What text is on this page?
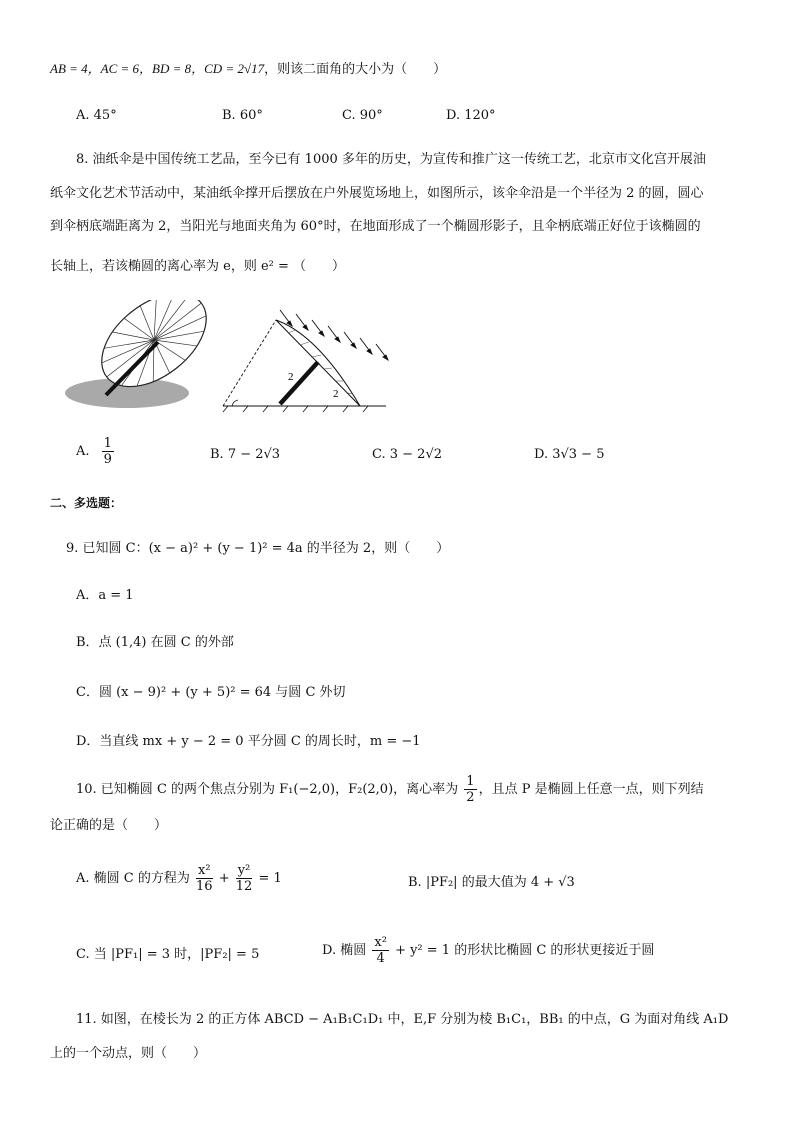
AB = 4，AC = 6，BD = 8，CD = 2√17，则该二面角的大小为（　　）
A. 45°	B. 60°	C. 90°	D. 120°
8. 油纸伞是中国传统工艺品，至今已有 1000 多年的历史，为宣传和推广这一传统工艺，北京市文化宫开展油
纸伞文化艺术节活动中，某油纸伞撑开后摆放在户外展览场地上，如图所示，该伞伞沿是一个半径为 2 的圆，圆心
到伞柄底端距离为 2，当阳光与地面夹角为 60°时，在地面形成了一个椭圆形影子，且伞柄底端正好位于该椭圆的
长轴上，若该椭圆的离心率为 e，则 e² = （　　）
2
2
A. $\frac{1}{9}$	B. 7 − 2√3	C. 3 − 2√2	D. 3√3 − 5
二、多选题：
9. 已知圆 C：(x − a)² + (y − 1)² = 4a 的半径为 2，则（　　）
A．a = 1
B．点 (1,4) 在圆 C 的外部
C．圆 (x − 9)² + (y + 5)² = 64 与圆 C 外切
D．当直线 mx + y − 2 = 0 平分圆 C 的周长时，m = −1
10. 已知椭圆 C 的两个焦点分别为 F₁(−2,0)，F₂(2,0)，离心率为 $\frac{1}{2}$ ，且点 P 是椭圆上任意一点，则下列结
论正确的是（　　）
A. 椭圆 C 的方程为 $\frac{\text{x²}}{16} + \frac{\text{y²}}{12} = 1$	B. |PF₂| 的最大值为 4 + √3
C. 当 |PF₁| = 3 时，|PF₂| = 5	D. 椭圆 $\frac{\text{x²}}{4} + y^2 = 1$ 的形状比椭圆 C 的形状更接近于圆
11. 如图，在棱长为 2 的正方体 ABCD − A₁B₁C₁D₁ 中，E,F 分别为棱 B₁C₁，BB₁ 的中点，G 为面对角线 A₁D
上的一个动点，则（　　）
